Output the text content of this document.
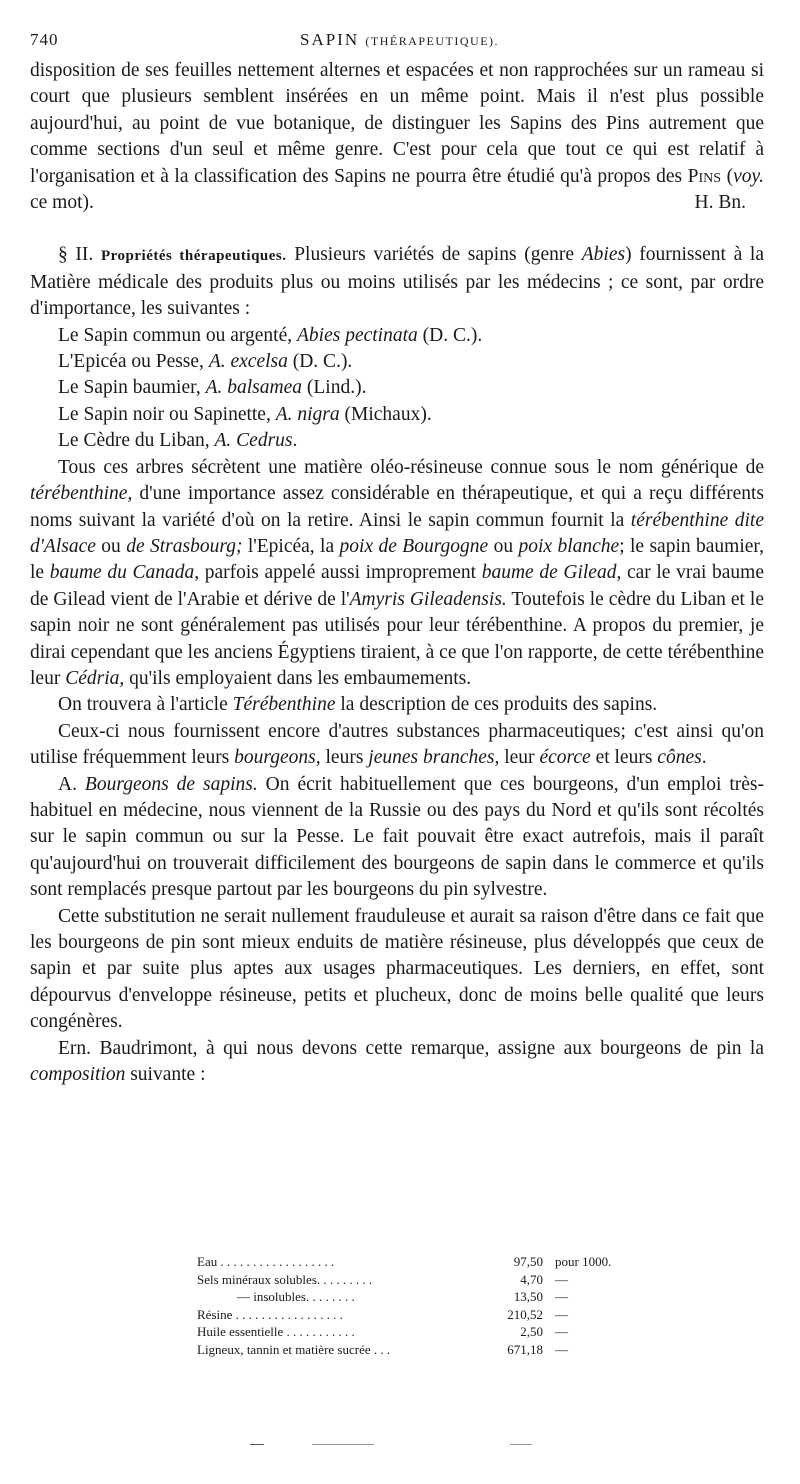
740	SAPIN (THÉRAPEUTIQUE).

disposition de ses feuilles nettement alternes et espacées et non rapprochées sur un rameau si court que plusieurs semblent insérées en un même point. Mais il n'est plus possible aujourd'hui, au point de vue botanique, de distinguer les Sapins des Pins autrement que comme sections d'un seul et même genre. C'est pour cela que tout ce qui est relatif à l'organisation et à la classification des Sapins ne pourra être étudié qu'à propos des Pins (voy. ce mot).	H. Bn.

§ II. Propriétés thérapeutiques. Plusieurs variétés de sapins (genre Abies) fournissent à la Matière médicale des produits plus ou moins utilisés par les médecins ; ce sont, par ordre d'importance, les suivantes :

Le Sapin commun ou argenté, Abies pectinata (D. C.).
L'Epicéa ou Pesse, A. excelsa (D. C.).
Le Sapin baumier, A. balsamea (Lind.).
Le Sapin noir ou Sapinette, A. nigra (Michaux).
Le Cèdre du Liban, A. Cedrus.

Tous ces arbres sécrètent une matière oléo-résineuse connue sous le nom générique de térébenthine, d'une importance assez considérable en thérapeutique, et qui a reçu différents noms suivant la variété d'où on la retire. Ainsi le sapin commun fournit la térébenthine dite d'Alsace ou de Strasbourg; l'Epicéa, la poix de Bourgogne ou poix blanche; le sapin baumier, le baume du Canada, parfois appelé aussi improprement baume de Gilead, car le vrai baume de Gilead vient de l'Arabie et dérive de l'Amyris Gileadensis. Toutefois le cèdre du Liban et le sapin noir ne sont généralement pas utilisés pour leur térébenthine. A propos du premier, je dirai cependant que les anciens Égyptiens tiraient, à ce que l'on rapporte, de cette térébenthine leur Cédria, qu'ils employaient dans les embaumements.

On trouvera à l'article Térébenthine la description de ces produits des sapins.

Ceux-ci nous fournissent encore d'autres substances pharmaceutiques; c'est ainsi qu'on utilise fréquemment leurs bourgeons, leurs jeunes branches, leur écorce et leurs cônes.

A. Bourgeons de sapins. On écrit habituellement que ces bourgeons, d'un emploi très-habituel en médecine, nous viennent de la Russie ou des pays du Nord et qu'ils sont récoltés sur le sapin commun ou sur la Pesse. Le fait pouvait être exact autrefois, mais il paraît qu'aujourd'hui on trouverait difficilement des bourgeons de sapin dans le commerce et qu'ils sont remplacés presque partout par les bourgeons du pin sylvestre.

Cette substitution ne serait nullement frauduleuse et aurait sa raison d'être dans ce fait que les bourgeons de pin sont mieux enduits de matière résineuse, plus développés que ceux de sapin et par suite plus aptes aux usages pharmaceutiques. Les derniers, en effet, sont dépourvus d'enveloppe résineuse, petits et plucheux, donc de moins belle qualité que leurs congénères.

Ern. Baudrimont, à qui nous devons cette remarque, assigne aux bourgeons de pin la composition suivante :

Eau . . . . . . . . . . . . . . . . . .	97,50 pour 1000.
Sels minéraux solubles. . . . . . . . .	4,70 —
— insolubles. . . . . . . .	13,50 —
Résine . . . . . . . . . . . . . . . . .	210,52 —
Huile essentielle . . . . . . . . . . .	2,50 —
Ligneux, tannin et matière sucrée . . .	671,18 —
